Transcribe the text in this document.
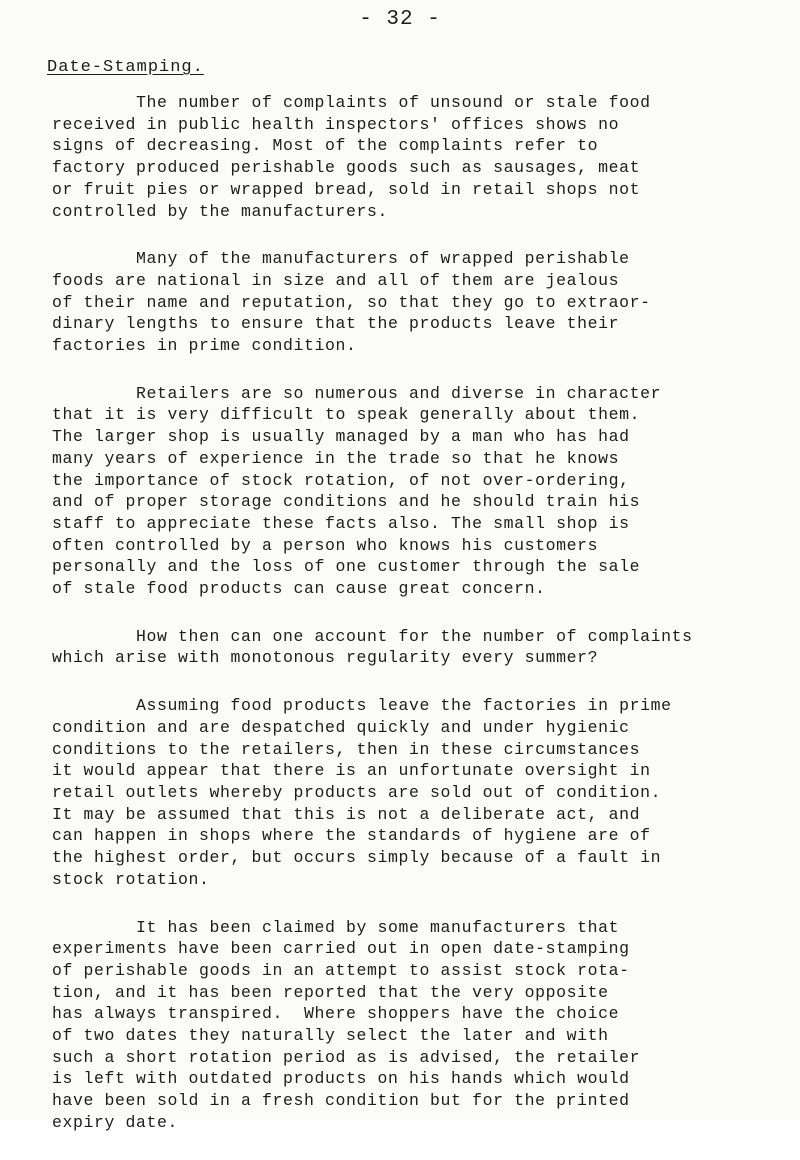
- 32 -
Date-Stamping.

The number of complaints of unsound or stale food
received in public health inspectors' offices shows no
signs of decreasing. Most of the complaints refer to
factory produced perishable goods such as sausages, meat
or fruit pies or wrapped bread, sold in retail shops not
controlled by the manufacturers.

Many of the manufacturers of wrapped perishable
foods are national in size and all of them are jealous
of their name and reputation, so that they go to extraor-
dinary lengths to ensure that the products leave their
factories in prime condition.

Retailers are so numerous and diverse in character
that it is very difficult to speak generally about them.
The larger shop is usually managed by a man who has had
many years of experience in the trade so that he knows
the importance of stock rotation, of not over-ordering,
and of proper storage conditions and he should train his
staff to appreciate these facts also. The small shop is
often controlled by a person who knows his customers
personally and the loss of one customer through the sale
of stale food products can cause great concern.

How then can one account for the number of complaints
which arise with monotonous regularity every summer?

Assuming food products leave the factories in prime
condition and are despatched quickly and under hygienic
conditions to the retailers, then in these circumstances
it would appear that there is an unfortunate oversight in
retail outlets whereby products are sold out of condition.
It may be assumed that this is not a deliberate act, and
can happen in shops where the standards of hygiene are of
the highest order, but occurs simply because of a fault in
stock rotation.

It has been claimed by some manufacturers that
experiments have been carried out in open date-stamping
of perishable goods in an attempt to assist stock rota-
tion, and it has been reported that the very opposite
has always transpired.  Where shoppers have the choice
of two dates they naturally select the later and with
such a short rotation period as is advised, the retailer
is left with outdated products on his hands which would
have been sold in a fresh condition but for the printed
expiry date.
